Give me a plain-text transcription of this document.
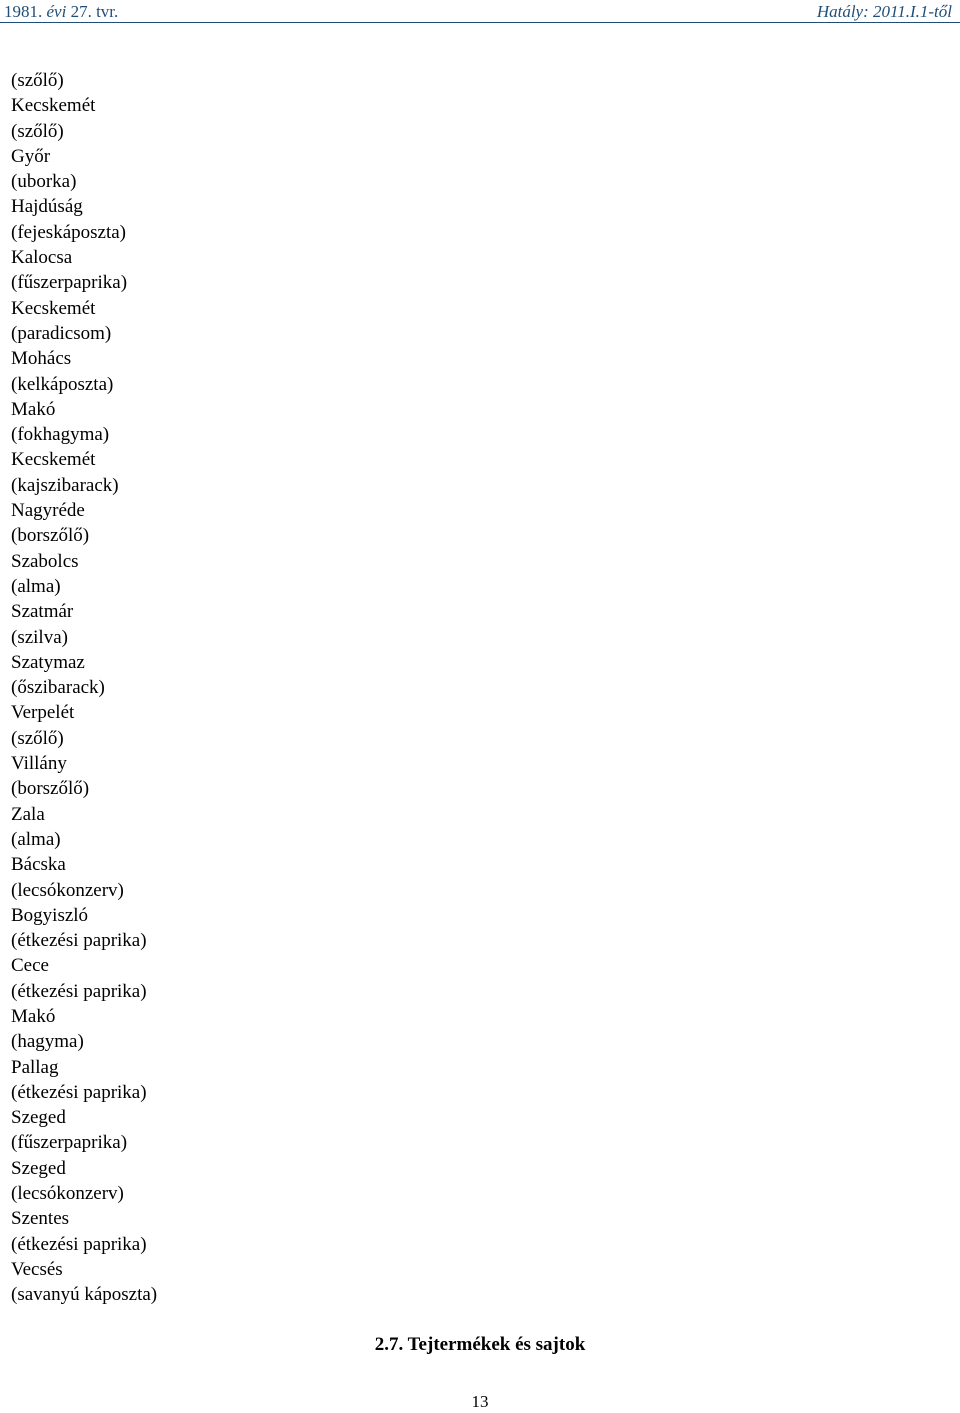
1981. évi 27. tvr.	Hatály: 2011.I.1-től
(szőlő)
Kecskemét
(szőlő)
Győr
(uborka)
Hajdúság
(fejeskáposzta)
Kalocsa
(fűszerpaprika)
Kecskemét
(paradicsom)
Mohács
(kelkáposzta)
Makó
(fokhagyma)
Kecskemét
(kajszibarack)
Nagyréde
(borszőlő)
Szabolcs
(alma)
Szatmár
(szilva)
Szatymaz
(őszibarack)
Verpelét
(szőlő)
Villány
(borszőlő)
Zala
(alma)
Bácska
(lecsókonzerv)
Bogyiszló
(étkezési paprika)
Cece
(étkezési paprika)
Makó
(hagyma)
Pallag
(étkezési paprika)
Szeged
(fűszerpaprika)
Szeged
(lecsókonzerv)
Szentes
(étkezési paprika)
Vecsés
(savanyú káposzta)
2.7. Tejtermékek és sajtok
13
